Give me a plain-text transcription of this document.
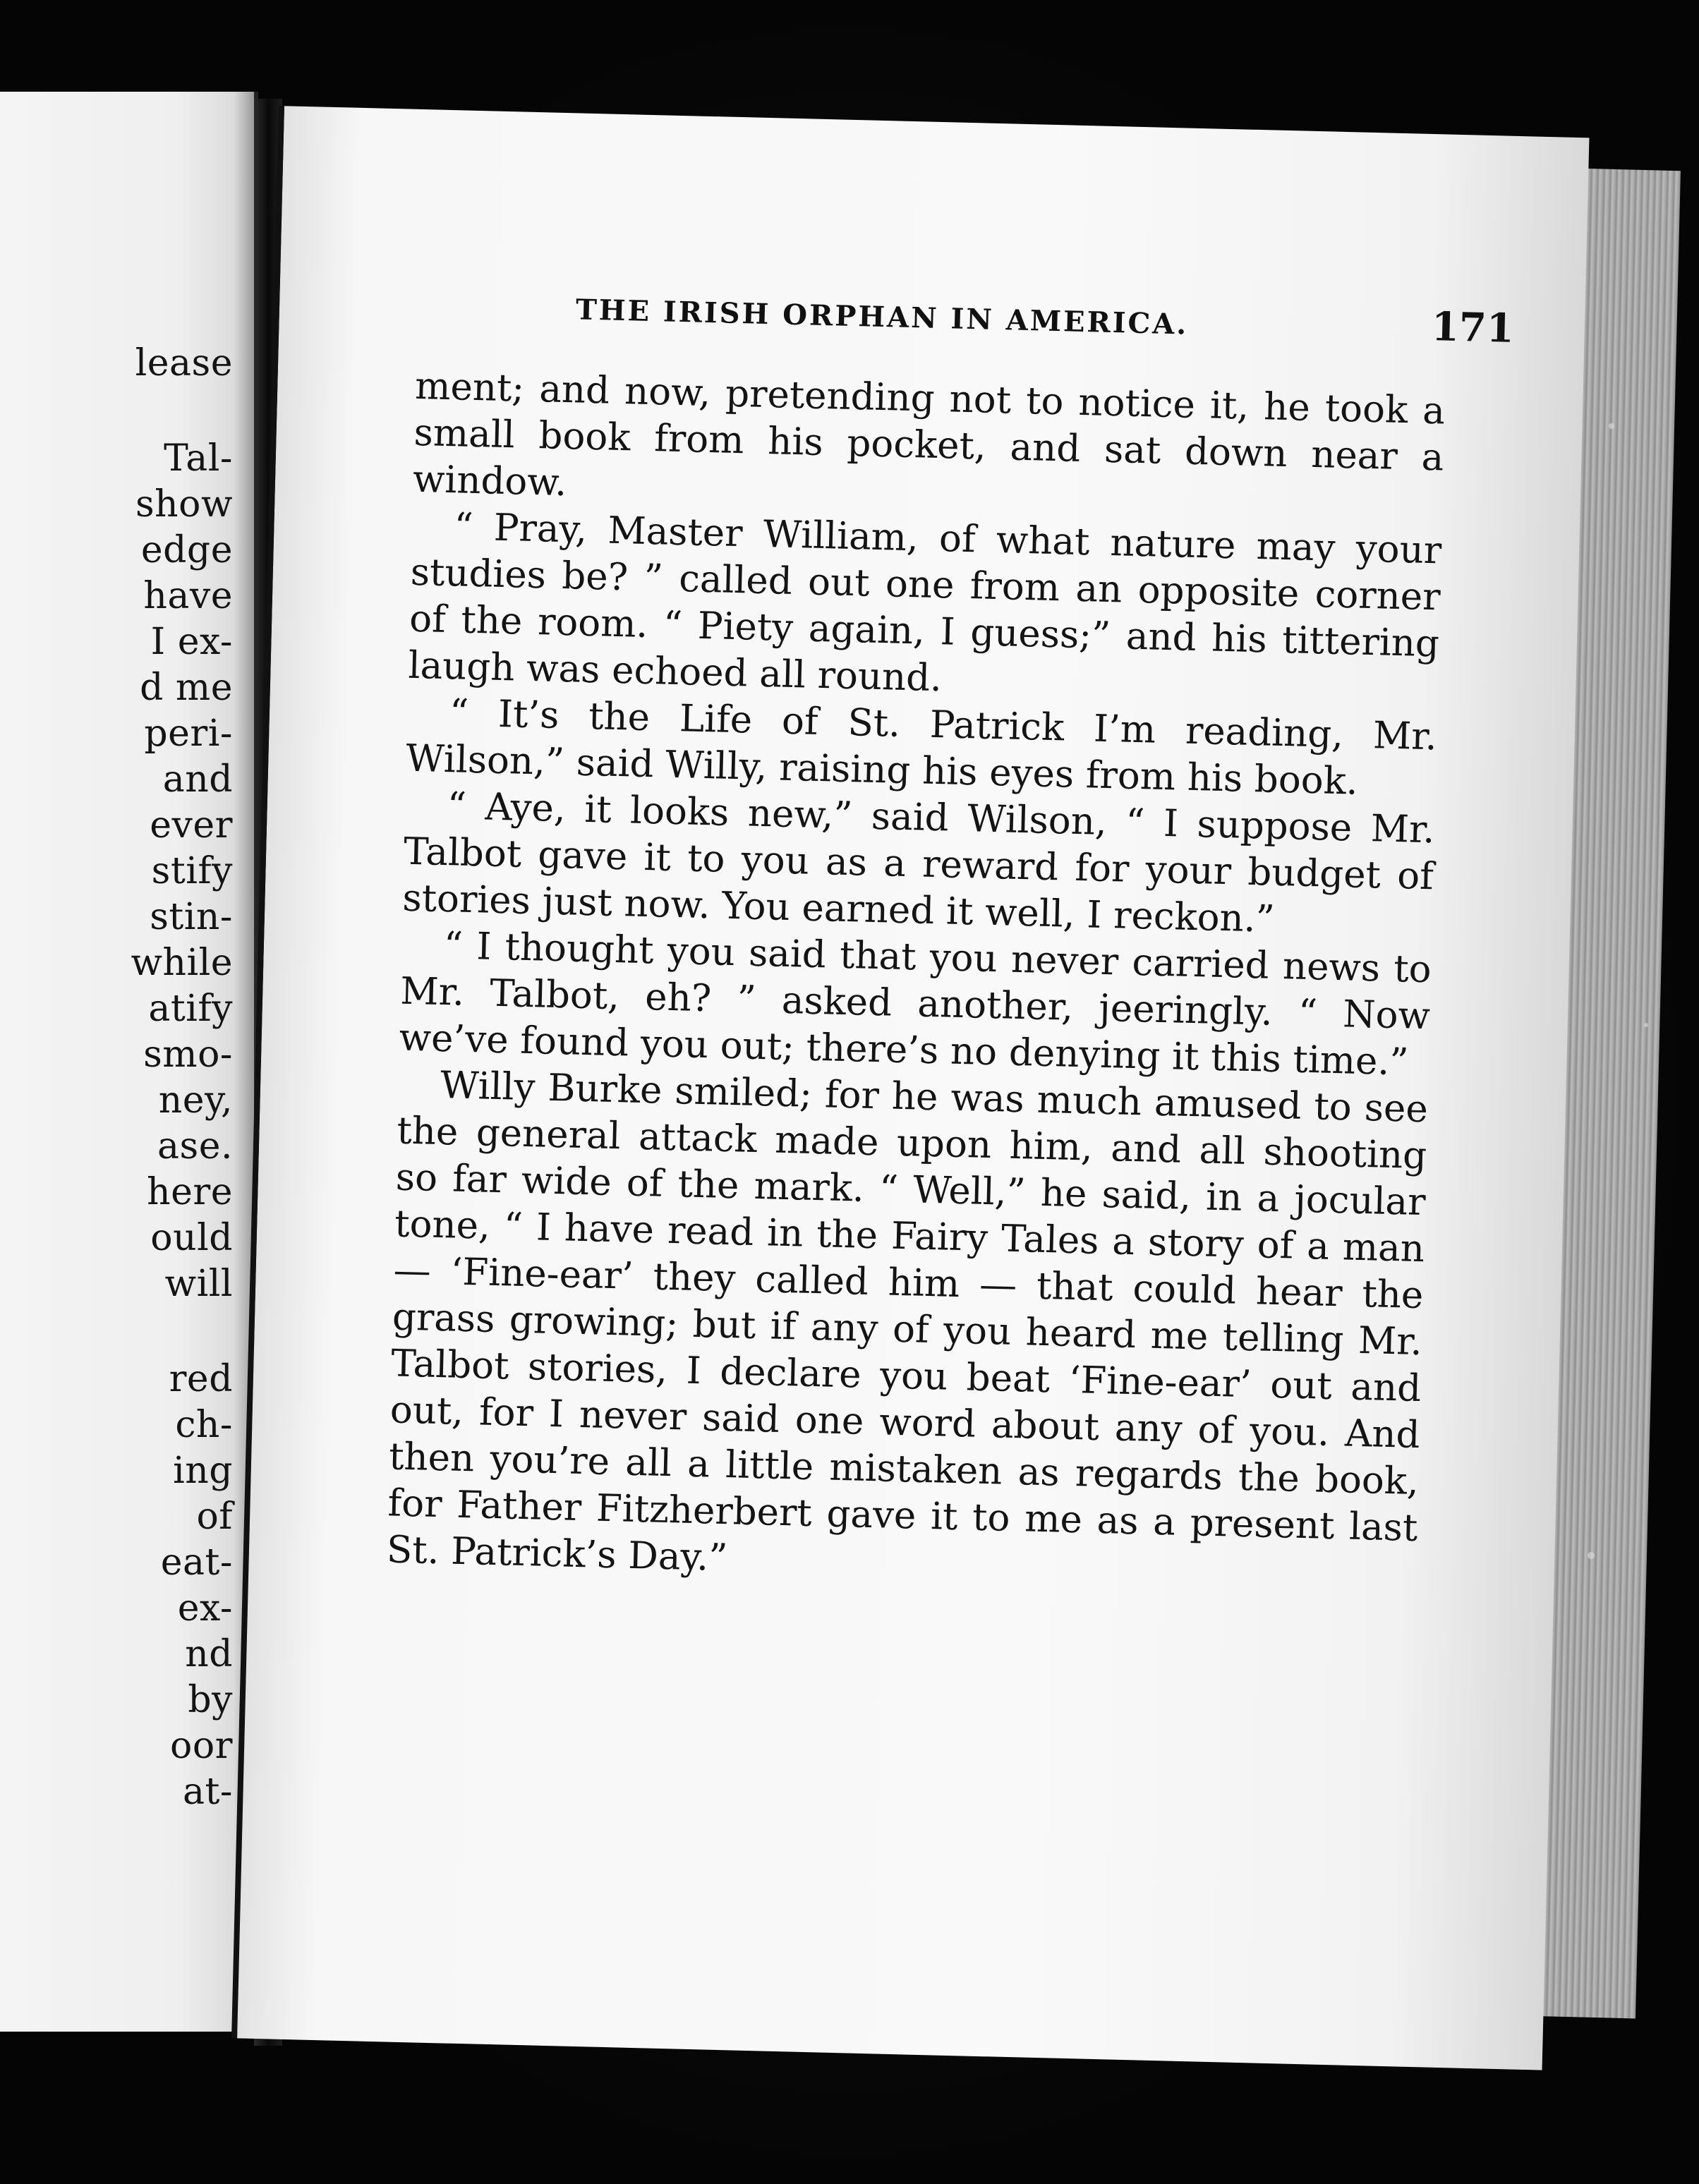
lease
Tal-
show
edge
have
I ex-
d me
peri-
and
ever
stify
stin-
while
atify
smo-
ney,
ase.
here
ould
will
red
ch-
ing
of
eat-
ex-
nd
by
oor
at-
THE IRISH ORPHAN IN AMERICA.	171

ment; and now, pretending not to notice it, he took a small book from his pocket, and sat down near a window.

“ Pray, Master William, of what nature may your studies be? ” called out one from an opposite corner of the room. “ Piety again, I guess;” and his tittering laugh was echoed all round.

“ It’s the Life of St. Patrick I’m reading, Mr. Wilson,” said Willy, raising his eyes from his book.

“ Aye, it looks new,” said Wilson, “ I suppose Mr. Talbot gave it to you as a reward for your budget of stories just now. You earned it well, I reckon.”

“ I thought you said that you never carried news to Mr. Talbot, eh? ” asked another, jeeringly. “ Now we’ve found you out; there’s no denying it this time.”

Willy Burke smiled; for he was much amused to see the general attack made upon him, and all shooting so far wide of the mark. “ Well,” he said, in a jocular tone, “ I have read in the Fairy Tales a story of a man — ‘Fine-ear’ they called him — that could hear the grass growing; but if any of you heard me telling Mr. Talbot stories, I declare you beat ‘Fine-ear’ out and out, for I never said one word about any of you. And then you’re all a little mistaken as regards the book, for Father Fitzherbert gave it to me as a present last St. Patrick’s Day.”
